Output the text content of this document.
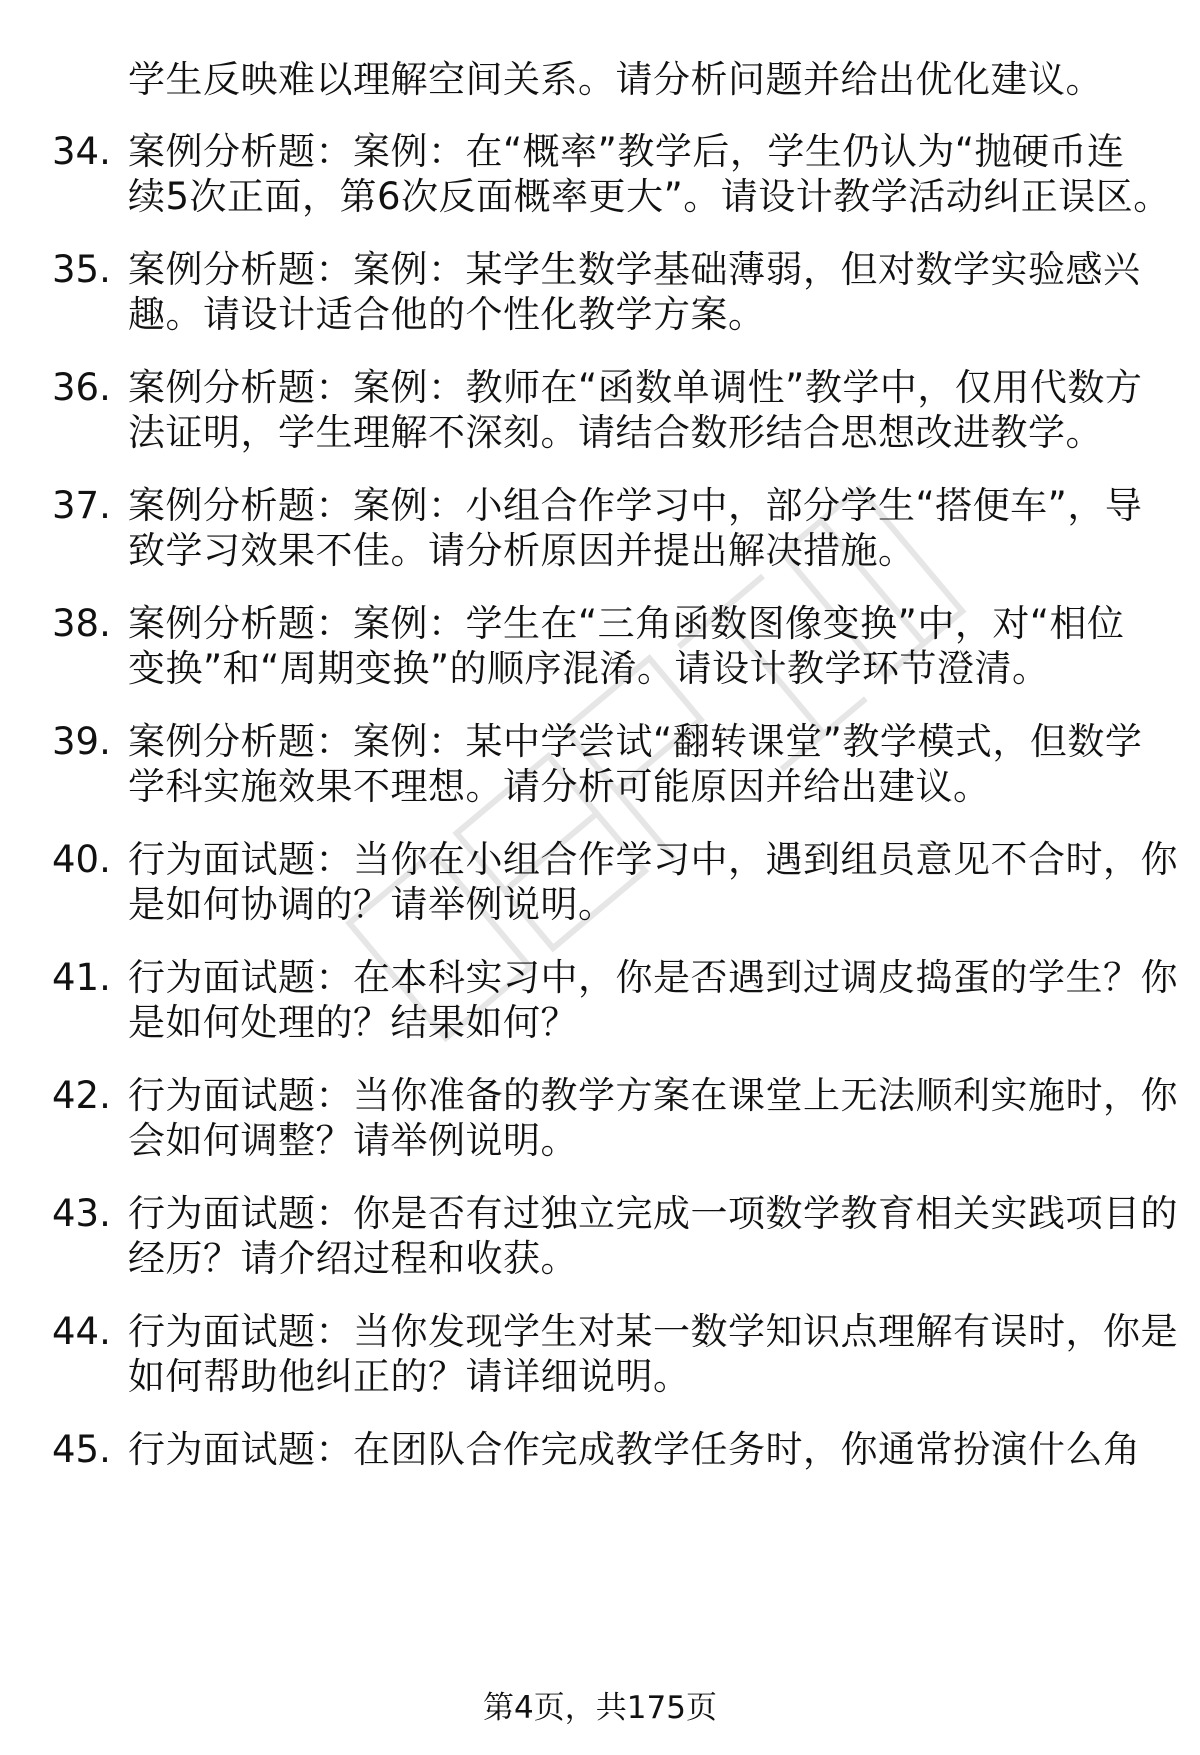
学生反映难以理解空间关系。请分析问题并给出优化建议。
34. 案例分析题：案例：在“概率”教学后，学生仍认为“抛硬币连
续5次正面，第6次反面概率更大”。请设计教学活动纠正误区。
35. 案例分析题：案例：某学生数学基础薄弱，但对数学实验感兴
趣。请设计适合他的个性化教学方案。
36. 案例分析题：案例：教师在“函数单调性”教学中，仅用代数方
法证明，学生理解不深刻。请结合数形结合思想改进教学。
37. 案例分析题：案例：小组合作学习中，部分学生“搭便车”，导
致学习效果不佳。请分析原因并提出解决措施。
38. 案例分析题：案例：学生在“三角函数图像变换”中，对“相位
变换”和“周期变换”的顺序混淆。请设计教学环节澄清。
39. 案例分析题：案例：某中学尝试“翻转课堂”教学模式，但数学
学科实施效果不理想。请分析可能原因并给出建议。
40. 行为面试题：当你在小组合作学习中，遇到组员意见不合时，你
是如何协调的？请举例说明。
41. 行为面试题：在本科实习中，你是否遇到过调皮捣蛋的学生？你
是如何处理的？结果如何？
42. 行为面试题：当你准备的教学方案在课堂上无法顺利实施时，你
会如何调整？请举例说明。
43. 行为面试题：你是否有过独立完成一项数学教育相关实践项目的
经历？请介绍过程和收获。
44. 行为面试题：当你发现学生对某一数学知识点理解有误时，你是
如何帮助他纠正的？请详细说明。
45. 行为面试题：在团队合作完成教学任务时，你通常扮演什么角
第4页，共175页
